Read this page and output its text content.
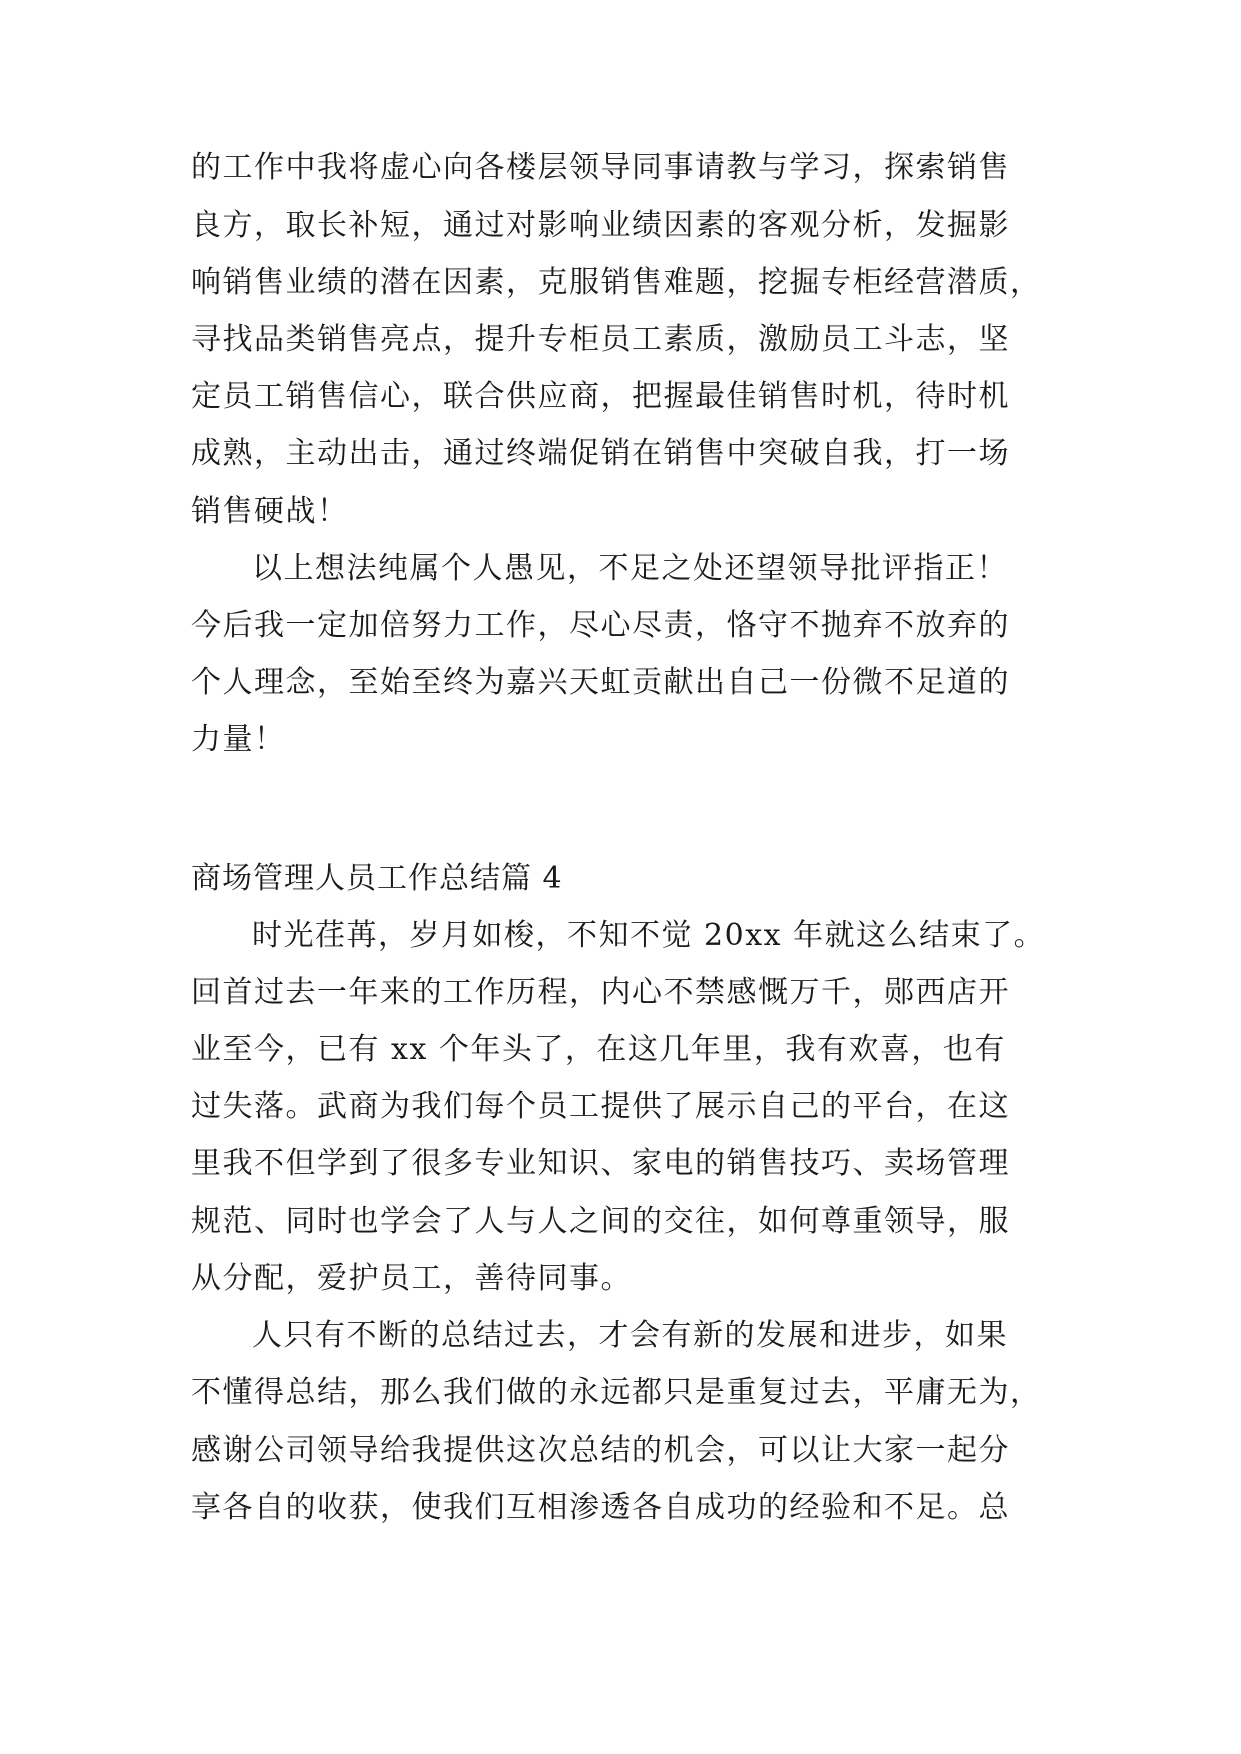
的工作中我将虚心向各楼层领导同事请教与学习，探索销售
良方，取长补短，通过对影响业绩因素的客观分析，发掘影
响销售业绩的潜在因素，克服销售难题，挖掘专柜经营潜质，
寻找品类销售亮点，提升专柜员工素质，激励员工斗志，坚
定员工销售信心，联合供应商，把握最佳销售时机，待时机
成熟，主动出击，通过终端促销在销售中突破自我，打一场
销售硬战！
以上想法纯属个人愚见，不足之处还望领导批评指正！
今后我一定加倍努力工作，尽心尽责，恪守不抛弃不放弃的
个人理念，至始至终为嘉兴天虹贡献出自己一份微不足道的
力量！
商场管理人员工作总结篇 4
时光荏苒，岁月如梭，不知不觉 20xx 年就这么结束了。
回首过去一年来的工作历程，内心不禁感慨万千，郧西店开
业至今，已有 xx 个年头了，在这几年里，我有欢喜，也有
过失落。武商为我们每个员工提供了展示自己的平台，在这
里我不但学到了很多专业知识、家电的销售技巧、卖场管理
规范、同时也学会了人与人之间的交往，如何尊重领导，服
从分配，爱护员工，善待同事。
人只有不断的总结过去，才会有新的发展和进步，如果
不懂得总结，那么我们做的永远都只是重复过去，平庸无为，
感谢公司领导给我提供这次总结的机会，可以让大家一起分
享各自的收获，使我们互相渗透各自成功的经验和不足。总
